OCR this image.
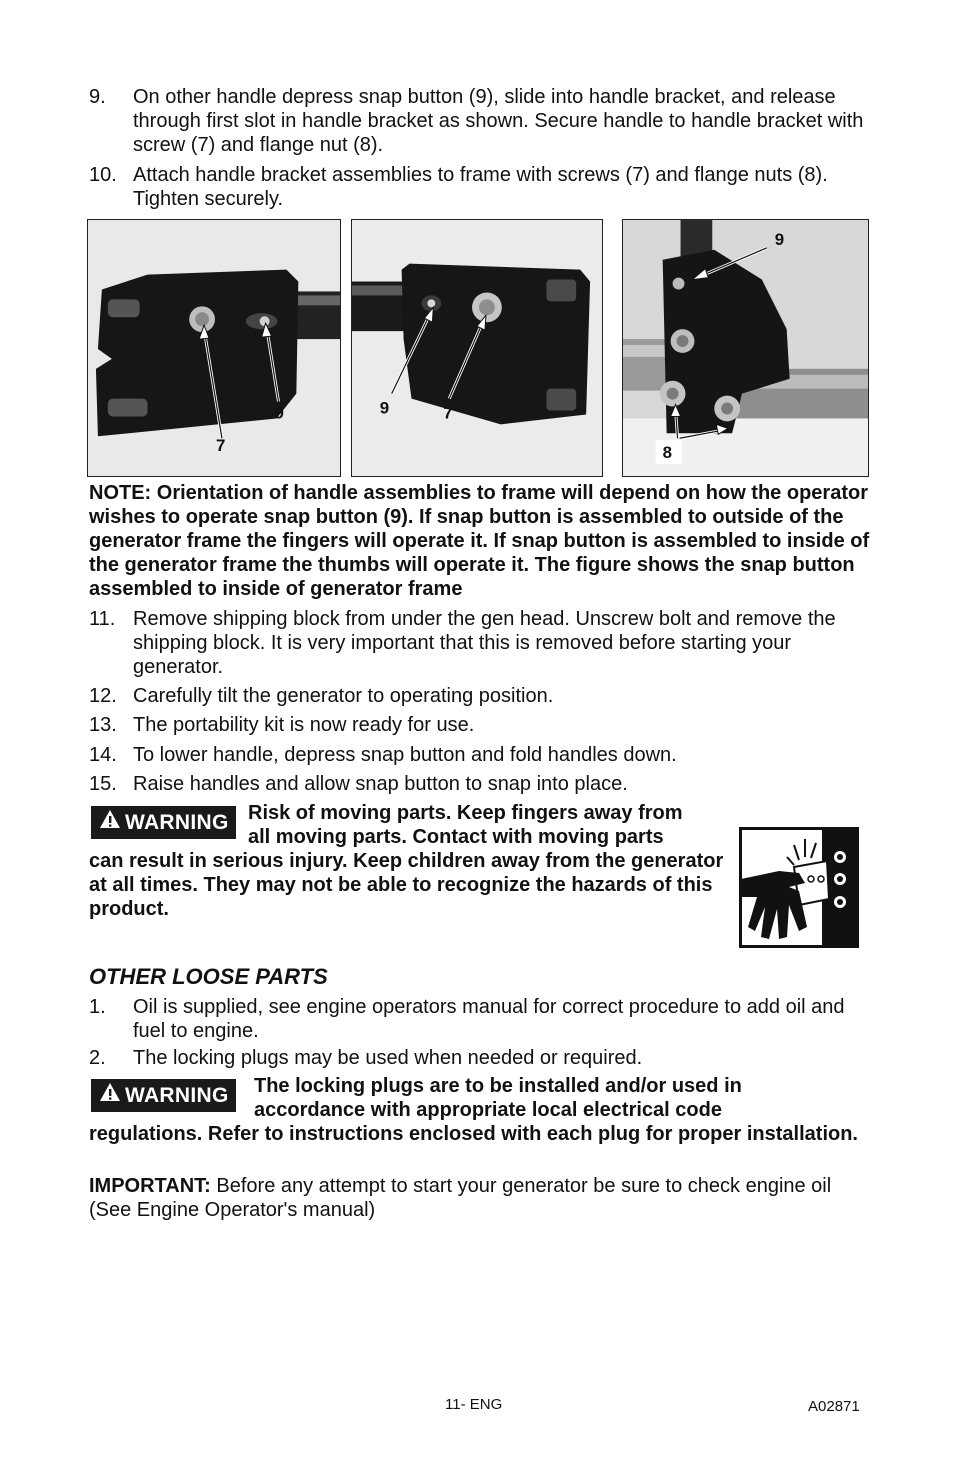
9. On other handle depress snap button (9), slide into handle bracket, and release through first slot in handle bracket as shown. Secure handle to handle bracket with screw (7) and flange nut (8).
10. Attach handle bracket assemblies to frame with screws (7) and flange nuts (8). Tighten securely.
9
7
9	7
9
8
NOTE: Orientation of handle assemblies to frame will depend on how the operator wishes to operate snap button (9). If snap button is assembled to outside of the generator frame the fingers will operate it. If snap button is assembled to inside of the generator frame the thumbs will operate it. The figure shows the snap button assembled to inside of generator frame
11. Remove shipping block from under the gen head. Unscrew bolt and remove the shipping block. It is very important that this is removed before starting your generator.
12. Carefully tilt the generator to operating position.
13. The portability kit is now ready for use.
14. To lower handle, depress snap button and fold handles down.
15. Raise handles and allow snap button to snap into place.
WARNING Risk of moving parts. Keep fingers away from
all moving parts. Contact with moving parts
can result in serious injury. Keep children away from the generator at all times. They may not be able to recognize the hazards of this product.
OTHER LOOSE PARTS
1. Oil is supplied, see engine operators manual for correct procedure to add oil and fuel to engine.
2. The locking plugs may be used when needed or required.
WARNING The locking plugs are to be installed and/or used in
accordance with appropriate local electrical code
regulations. Refer to instructions enclosed with each plug for proper installation.
IMPORTANT: Before any attempt to start your generator be sure to check engine oil (See Engine Operator's manual)
11- ENG	A02871
